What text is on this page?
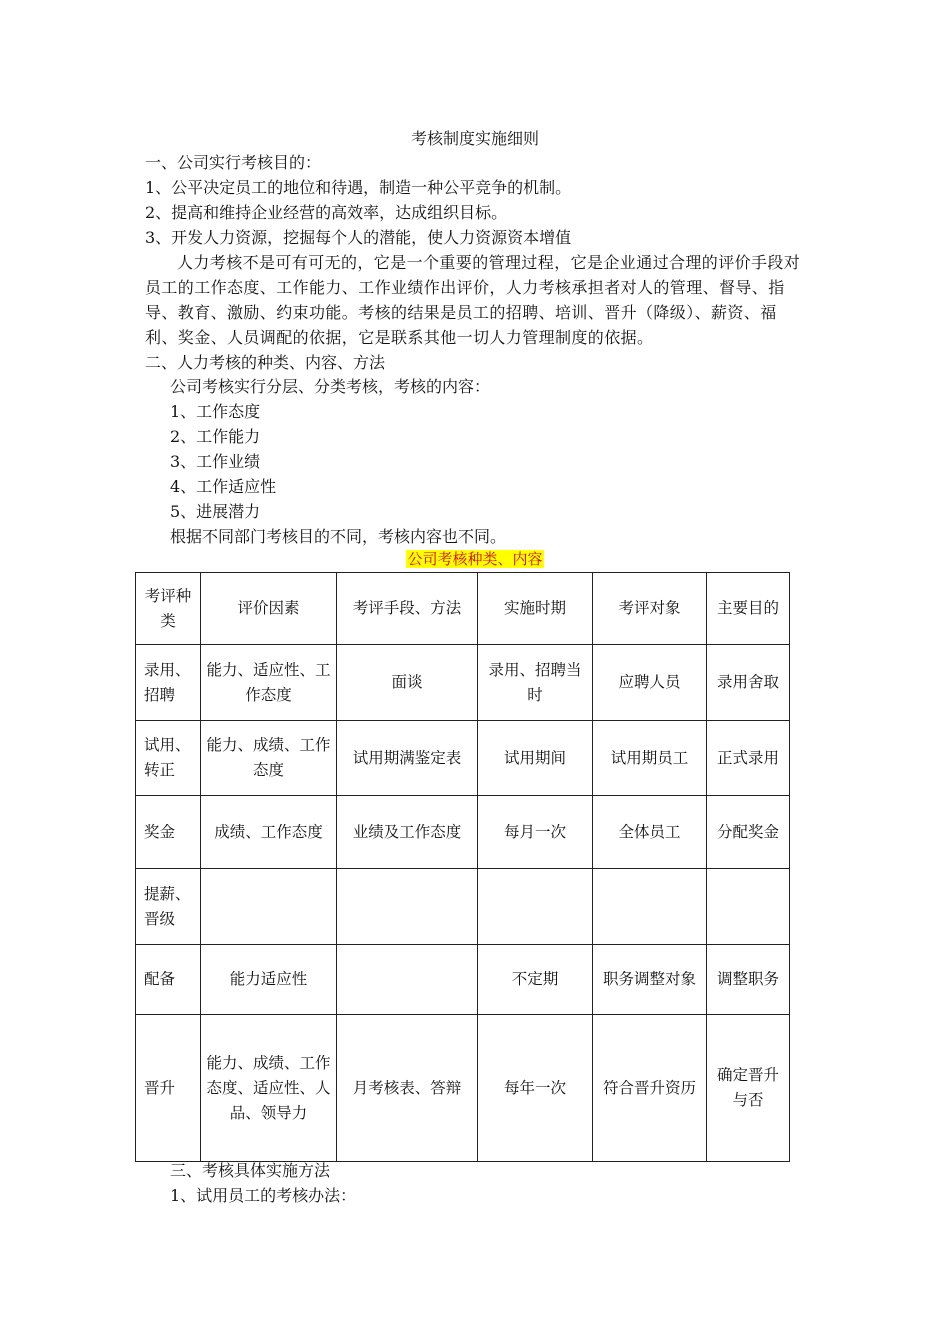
考核制度实施细则
一、公司实行考核目的：
1、公平决定员工的地位和待遇，制造一种公平竞争的机制。
2、提高和维持企业经营的高效率，达成组织目标。
3、开发人力资源，挖掘每个人的潜能，使人力资源资本增值
人力考核不是可有可无的，它是一个重要的管理过程，它是企业通过合理的评价手段对员工的工作态度、工作能力、工作业绩作出评价，人力考核承担者对人的管理、督导、指导、教育、激励、约束功能。考核的结果是员工的招聘、培训、晋升（降级）、薪资、福利、奖金、人员调配的依据，它是联系其他一切人力管理制度的依据。
二、人力考核的种类、内容、方法
公司考核实行分层、分类考核，考核的内容：
1、工作态度
2、工作能力
3、工作业绩
4、工作适应性
5、进展潜力
根据不同部门考核目的不同，考核内容也不同。
公司考核种类、内容
考评种类	评价因素	考评手段、方法	实施时期	考评对象	主要目的
录用、招聘	能力、适应性、工作态度	面谈	录用、招聘当时	应聘人员	录用舍取
试用、转正	能力、成绩、工作态度	试用期满鉴定表	试用期间	试用期员工	正式录用
奖金	成绩、工作态度	业绩及工作态度	每月一次	全体员工	分配奖金
提薪、晋级					
配备	能力适应性		不定期	职务调整对象	调整职务
晋升	能力、成绩、工作态度、适应性、人品、领导力	月考核表、答辩	每年一次	符合晋升资历	确定晋升与否
三、考核具体实施方法
1、试用员工的考核办法：
